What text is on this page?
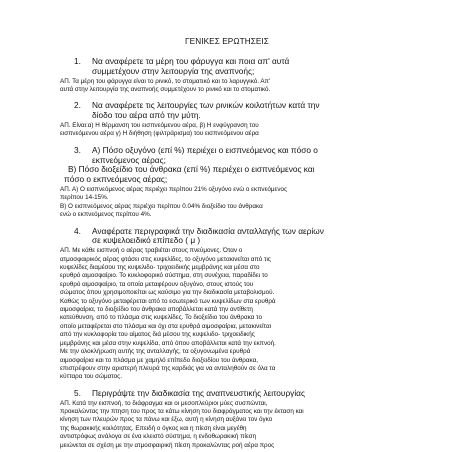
ΓΕΝΙΚΕΣ ΕΡΩΤΗΣΕΙΣ
1. Να αναφέρετε τα μέρη του φάρυγγα και ποια απ' αυτά
συμμετέχουν στην λειτουργία της αναπνοής;
ΑΠ. Τα μέρη του φάρυγγα είναι το ρινικό, το στοματικό και το λαρυγγικό. Απ'
αυτά στην λειτουργία της αναπνοής συμμετέχουν το ρινικό και το στοματικό.
2. Να αναφέρετε τις λειτουργίες των ρινικών κοιλοτήτων κατά την
δίοδο του αέρα από την μύτη.
ΑΠ. Είναι:α) Η θέρμανση του εισπνεόμενου αέρα, β) Η ενφύγρανση του
εισπνεόμενου αέρα γ) Η διήθηση (φιλτράρισμα) του εισπνεόμενου αέρα
3. A) Πόσο οξυγόνο (επί %) περιέχει ο εισπνεόμενος και πόσο ο
εκπνεόμενος αέρας;
B) Πόσο διοξείδιο του άνθρακα (επί %) περιέχει ο εισπνεόμενος και
πόσο ο εκπνεόμενος αέρας;
ΑΠ. Α) Ο εισπνεόμενος αέρας περιέχει περίπου 21% οξυγόνο ενώ ο εκπνεόμενος
περίπου 14-15%.
Β) Ο εισπνεόμενος αέρας περιέχει περίπου 0.04% διοξείδιο του άνθρακα
ενώ ο εκπνεόμενος περίπου 4%.
4. Αναφέρατε περιγραφικά την διαδικασία ανταλλαγής των αερίων
σε κυψελοειδικό επίπεδο ( μ )
ΑΠ. Με κάθε εισπνοή ο αέρας τραβιέται στους πνεύμονες. Όταν ο
ατμοσφαιρικός αέρας φτάσει στις κυψελίδες, το οξυγόνο μετακινείται από τις
κυψελίδες διαμέσου της κυψελιδο- τριχοειδικής μεμβράνης και μέσα στο
ερυθρό αιμοσφαίριο. Το κυκλοφορικό σύστημα, στη συνέχεια, παραδίδει το
ερυθρό αιμοσφαίριο, τα οποία μεταφέρουν οξυγόνο, στους ιστούς του
σώματος όπου χρησιμοποιείται ως καύσιμο για την διαδικασία μεταβολισμού.
Καθώς το οξυγόνο μεταφέρεται από το εσωτερικό των κυψελίδων στα ερυθρά
αιμοσφαίρια, το διοξείδιο του άνθρακα αποβάλλεται κατά την αντίθετη
κατεύθυνση, από το πλάσμα στις κυψελίδες. Το διοξείδιο του άνθρακα το
οποίο μεταφέρεται στο πλάσμα και όχι στα ερυθρά αιμοσφαίρια, μετακινείται
από την κυκλοφορία του αίματος διά μέσου της κυψελιδο- τριχοειδικής
μεμβράνης και μέσα στην κυψελίδα, από όπου αποβάλλεται κατά την εκπνοή.
Με την ολοκλήρωση αυτής της ανταλλαγής, τα οξυγονωμένα ερυθρά
αιμοσφαίρια και το πλάσμα με χαμηλό επίπεδο διοξειδίου του άνθρακα,
επιστρέφουν στην αριστερή πλευρά της καρδιάς για να ανταληθούν σε όλα τα
κύτταρα του σώματος.
5. Περιγράψτε την διαδικασία της αναπνευστικής λειτουργίας
ΑΠ. Κατά την εισπνοή, το διάφραγμα και οι μεσοπλεύριοι μύες συσπώνται,
προκαλώντας την πτηση του προς τα κάτω κίνηση του διαφράγματος και την έκταση και
κίνηση των πλευρών προς τα πάνω και έξω, αυτή η κίνηση αυξάνει τον όγκο
της θωρακικής κοιλότητας. Επειδή ο όγκος και η πίεση είναι μεγέθη
αντιστρόφως ανάλογα σε ένα κλειστό σύστημα, η ενδοθωρακική πίεση
μειώνεται σε σχέση με την ατμοσφαιρική πίεση προκαλώντας ροή αέρα προς
